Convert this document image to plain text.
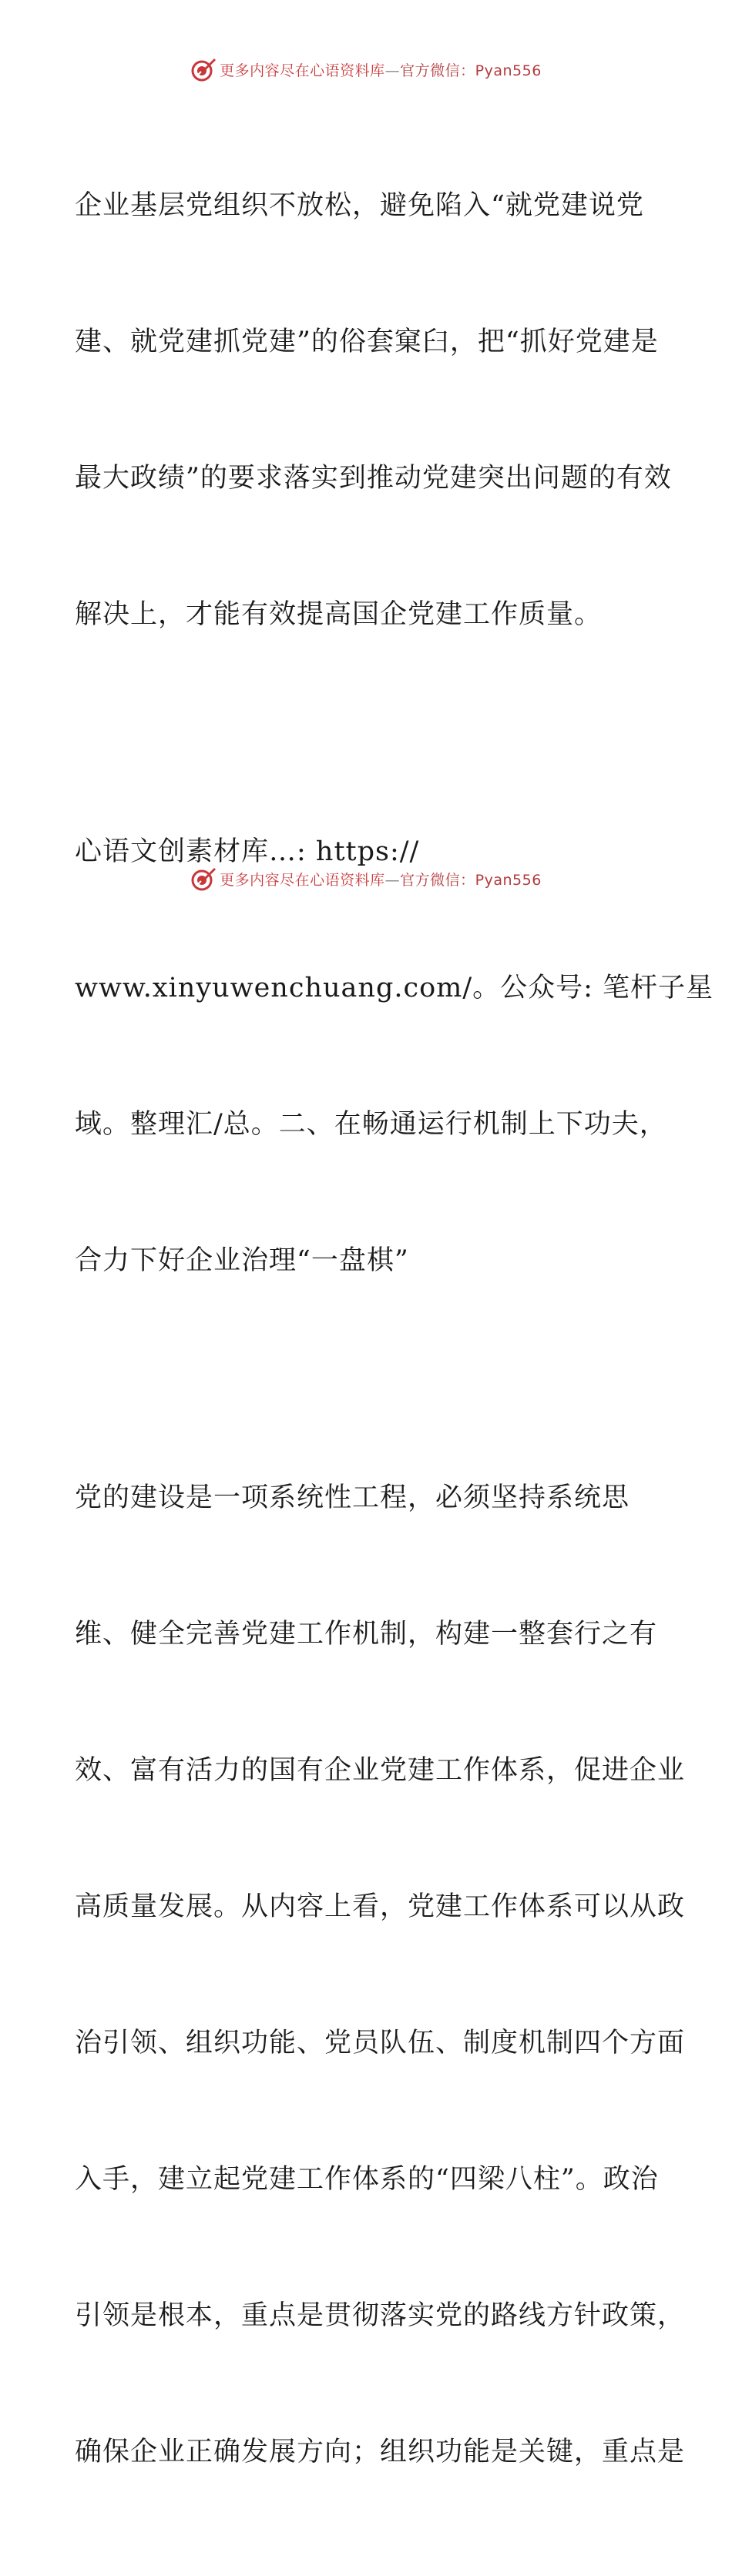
更多内容尽在心语资料库—官方微信：Pyan556

企业基层党组织不放松，避免陷入“就党建说党

建、就党建抓党建”的俗套窠臼，把“抓好党建是

最大政绩”的要求落实到推动党建突出问题的有效

解决上，才能有效提高国企党建工作质量。

心语文创素材库…: https://

www.xinyuwenchuang.com/。公众号: 笔杆子星

域。整理汇/总。二、在畅通运行机制上下功夫，

合力下好企业治理“一盘棋”

党的建设是一项系统性工程，必须坚持系统思

维、健全完善党建工作机制，构建一整套行之有

效、富有活力的国有企业党建工作体系，促进企业

高质量发展。从内容上看，党建工作体系可以从政

治引领、组织功能、党员队伍、制度机制四个方面

入手，建立起党建工作体系的“四梁八柱”。政治

引领是根本，重点是贯彻落实党的路线方针政策，

确保企业正确发展方向；组织功能是关键，重点是

更多内容尽在心语资料库—官方微信：Pyan556
